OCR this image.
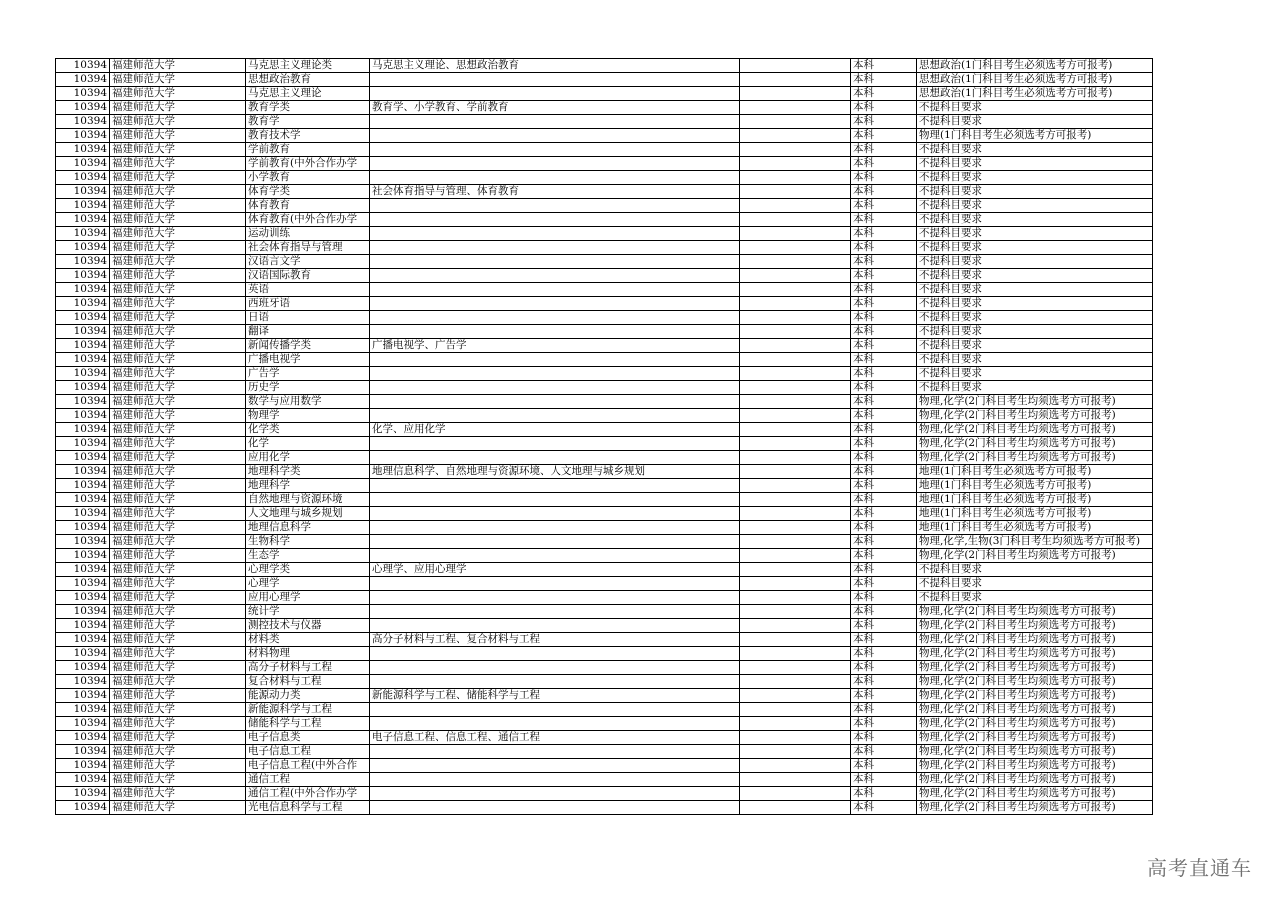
10394	福建师范大学	马克思主义理论类	马克思主义理论、思想政治教育		本科	思想政治(1门科目考生必须选考方可报考)
10394	福建师范大学	思想政治教育			本科	思想政治(1门科目考生必须选考方可报考)
10394	福建师范大学	马克思主义理论			本科	思想政治(1门科目考生必须选考方可报考)
10394	福建师范大学	教育学类	教育学、小学教育、学前教育		本科	不提科目要求
10394	福建师范大学	教育学			本科	不提科目要求
10394	福建师范大学	教育技术学			本科	物理(1门科目考生必须选考方可报考)
10394	福建师范大学	学前教育			本科	不提科目要求
10394	福建师范大学	学前教育(中外合作办学			本科	不提科目要求
10394	福建师范大学	小学教育			本科	不提科目要求
10394	福建师范大学	体育学类	社会体育指导与管理、体育教育		本科	不提科目要求
10394	福建师范大学	体育教育			本科	不提科目要求
10394	福建师范大学	体育教育(中外合作办学			本科	不提科目要求
10394	福建师范大学	运动训练			本科	不提科目要求
10394	福建师范大学	社会体育指导与管理			本科	不提科目要求
10394	福建师范大学	汉语言文学			本科	不提科目要求
10394	福建师范大学	汉语国际教育			本科	不提科目要求
10394	福建师范大学	英语			本科	不提科目要求
10394	福建师范大学	西班牙语			本科	不提科目要求
10394	福建师范大学	日语			本科	不提科目要求
10394	福建师范大学	翻译			本科	不提科目要求
10394	福建师范大学	新闻传播学类	广播电视学、广告学		本科	不提科目要求
10394	福建师范大学	广播电视学			本科	不提科目要求
10394	福建师范大学	广告学			本科	不提科目要求
10394	福建师范大学	历史学			本科	不提科目要求
10394	福建师范大学	数学与应用数学			本科	物理,化学(2门科目考生均须选考方可报考)
10394	福建师范大学	物理学			本科	物理,化学(2门科目考生均须选考方可报考)
10394	福建师范大学	化学类	化学、应用化学		本科	物理,化学(2门科目考生均须选考方可报考)
10394	福建师范大学	化学			本科	物理,化学(2门科目考生均须选考方可报考)
10394	福建师范大学	应用化学			本科	物理,化学(2门科目考生均须选考方可报考)
10394	福建师范大学	地理科学类	地理信息科学、自然地理与资源环境、人文地理与城乡规划		本科	地理(1门科目考生必须选考方可报考)
10394	福建师范大学	地理科学			本科	地理(1门科目考生必须选考方可报考)
10394	福建师范大学	自然地理与资源环境			本科	地理(1门科目考生必须选考方可报考)
10394	福建师范大学	人文地理与城乡规划			本科	地理(1门科目考生必须选考方可报考)
10394	福建师范大学	地理信息科学			本科	地理(1门科目考生必须选考方可报考)
10394	福建师范大学	生物科学			本科	物理,化学,生物(3门科目考生均须选考方可报考)
10394	福建师范大学	生态学			本科	物理,化学(2门科目考生均须选考方可报考)
10394	福建师范大学	心理学类	心理学、应用心理学		本科	不提科目要求
10394	福建师范大学	心理学			本科	不提科目要求
10394	福建师范大学	应用心理学			本科	不提科目要求
10394	福建师范大学	统计学			本科	物理,化学(2门科目考生均须选考方可报考)
10394	福建师范大学	测控技术与仪器			本科	物理,化学(2门科目考生均须选考方可报考)
10394	福建师范大学	材料类	高分子材料与工程、复合材料与工程		本科	物理,化学(2门科目考生均须选考方可报考)
10394	福建师范大学	材料物理			本科	物理,化学(2门科目考生均须选考方可报考)
10394	福建师范大学	高分子材料与工程			本科	物理,化学(2门科目考生均须选考方可报考)
10394	福建师范大学	复合材料与工程			本科	物理,化学(2门科目考生均须选考方可报考)
10394	福建师范大学	能源动力类	新能源科学与工程、储能科学与工程		本科	物理,化学(2门科目考生均须选考方可报考)
10394	福建师范大学	新能源科学与工程			本科	物理,化学(2门科目考生均须选考方可报考)
10394	福建师范大学	储能科学与工程			本科	物理,化学(2门科目考生均须选考方可报考)
10394	福建师范大学	电子信息类	电子信息工程、信息工程、通信工程		本科	物理,化学(2门科目考生均须选考方可报考)
10394	福建师范大学	电子信息工程			本科	物理,化学(2门科目考生均须选考方可报考)
10394	福建师范大学	电子信息工程(中外合作			本科	物理,化学(2门科目考生均须选考方可报考)
10394	福建师范大学	通信工程			本科	物理,化学(2门科目考生均须选考方可报考)
10394	福建师范大学	通信工程(中外合作办学			本科	物理,化学(2门科目考生均须选考方可报考)
10394	福建师范大学	光电信息科学与工程			本科	物理,化学(2门科目考生均须选考方可报考)
高考直通车
